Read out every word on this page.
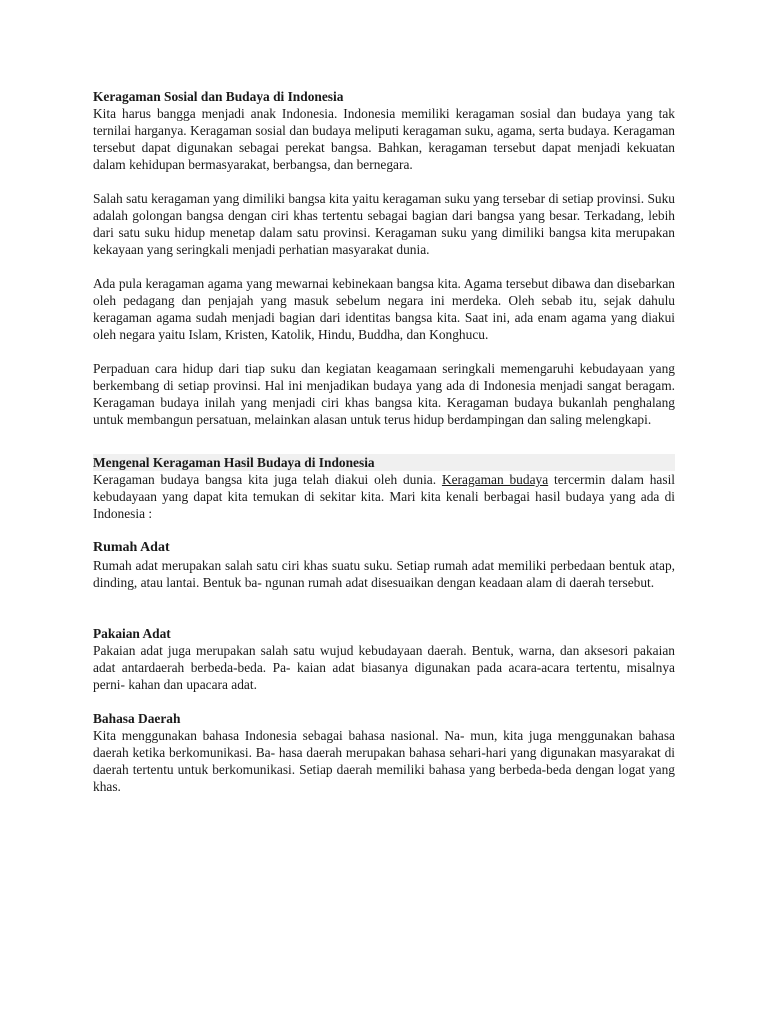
Keragaman Sosial dan Budaya di Indonesia

Kita harus bangga menjadi anak Indonesia. Indonesia memiliki keragaman sosial dan budaya yang tak ternilai harganya. Keragaman sosial dan budaya meliputi keragaman suku, agama, serta budaya. Keragaman tersebut dapat digunakan sebagai perekat bangsa. Bahkan, keragaman tersebut dapat menjadi kekuatan dalam kehidupan bermasyarakat, berbangsa, dan bernegara.

Salah satu keragaman yang dimiliki bangsa kita yaitu keragaman suku yang tersebar di setiap provinsi. Suku adalah golongan bangsa dengan ciri khas tertentu sebagai bagian dari bangsa yang besar. Terkadang, lebih dari satu suku hidup menetap dalam satu provinsi. Keragaman suku yang dimiliki bangsa kita merupakan kekayaan yang seringkali menjadi perhatian masyarakat dunia.

Ada pula keragaman agama yang mewarnai kebinekaan bangsa kita. Agama tersebut dibawa dan disebarkan oleh pedagang dan penjajah yang masuk sebelum negara ini merdeka. Oleh sebab itu, sejak dahulu keragaman agama sudah menjadi bagian dari identitas bangsa kita. Saat ini, ada enam agama yang diakui oleh negara yaitu Islam, Kristen, Katolik, Hindu, Buddha, dan Konghucu.

Perpaduan cara hidup dari tiap suku dan kegiatan keagamaan seringkali memengaruhi kebudayaan yang berkembang di setiap provinsi. Hal ini menjadikan budaya yang ada di Indonesia menjadi sangat beragam. Keragaman budaya inilah yang menjadi ciri khas bangsa kita. Keragaman budaya bukanlah penghalang untuk membangun persatuan, melainkan alasan untuk terus hidup berdampingan dan saling melengkapi.

Mengenal Keragaman Hasil Budaya di Indonesia

Keragaman budaya bangsa kita juga telah diakui oleh dunia. Keragaman budaya tercermin dalam hasil kebudayaan yang dapat kita temukan di sekitar kita. Mari kita kenali berbagai hasil budaya yang ada di Indonesia :

Rumah Adat

Rumah adat merupakan salah satu ciri khas suatu suku. Setiap rumah adat memiliki perbedaan bentuk atap, dinding, atau lantai. Bentuk ba- ngunan rumah adat disesuaikan dengan keadaan alam di daerah tersebut.

Pakaian Adat

Pakaian adat juga merupakan salah satu wujud kebudayaan daerah. Bentuk, warna, dan aksesori pakaian adat antardaerah berbeda-beda. Pa- kaian adat biasanya digunakan pada acara-acara tertentu, misalnya perni- kahan dan upacara adat.

Bahasa Daerah

Kita menggunakan bahasa Indonesia sebagai bahasa nasional. Na- mun, kita juga menggunakan bahasa daerah ketika berkomunikasi. Ba- hasa daerah merupakan bahasa sehari-hari yang digunakan masyarakat di daerah tertentu untuk berkomunikasi. Setiap daerah memiliki bahasa yang berbeda-beda dengan logat yang khas.
